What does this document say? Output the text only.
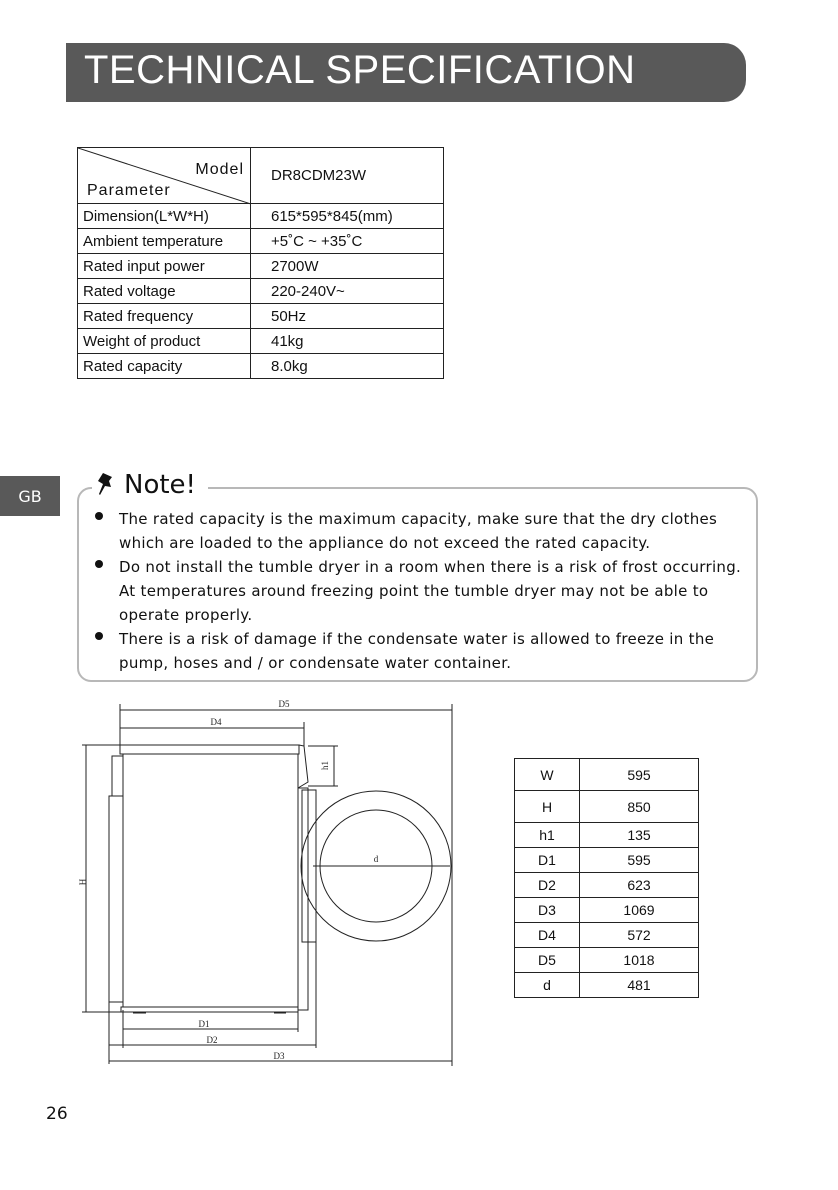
TECHNICAL SPECIFICATION
Model
Parameter	DR8CDM23W
Dimension(L*W*H)	615*595*845(mm)
Ambient temperature	+5˚C ~ +35˚C
Rated input power	2700W
Rated voltage	220-240V~
Rated frequency	50Hz
Weight of product	41kg
Rated capacity	8.0kg
GB	Note!
The rated capacity is the maximum capacity, make sure that the dry clothes which are loaded to the appliance do not exceed the rated capacity.
Do not install the tumble dryer in a room when there is a risk of frost occurring. At temperatures around freezing point the tumble dryer may not be able to operate properly.
There is a risk of damage if the condensate water is allowed to freeze in the pump, hoses and / or condensate water container.
D5
D4
h1
H
d
D1
D2
D3
W	595
H	850
h1	135
D1	595
D2	623
D3	1069
D4	572
D5	1018
d	481
26
